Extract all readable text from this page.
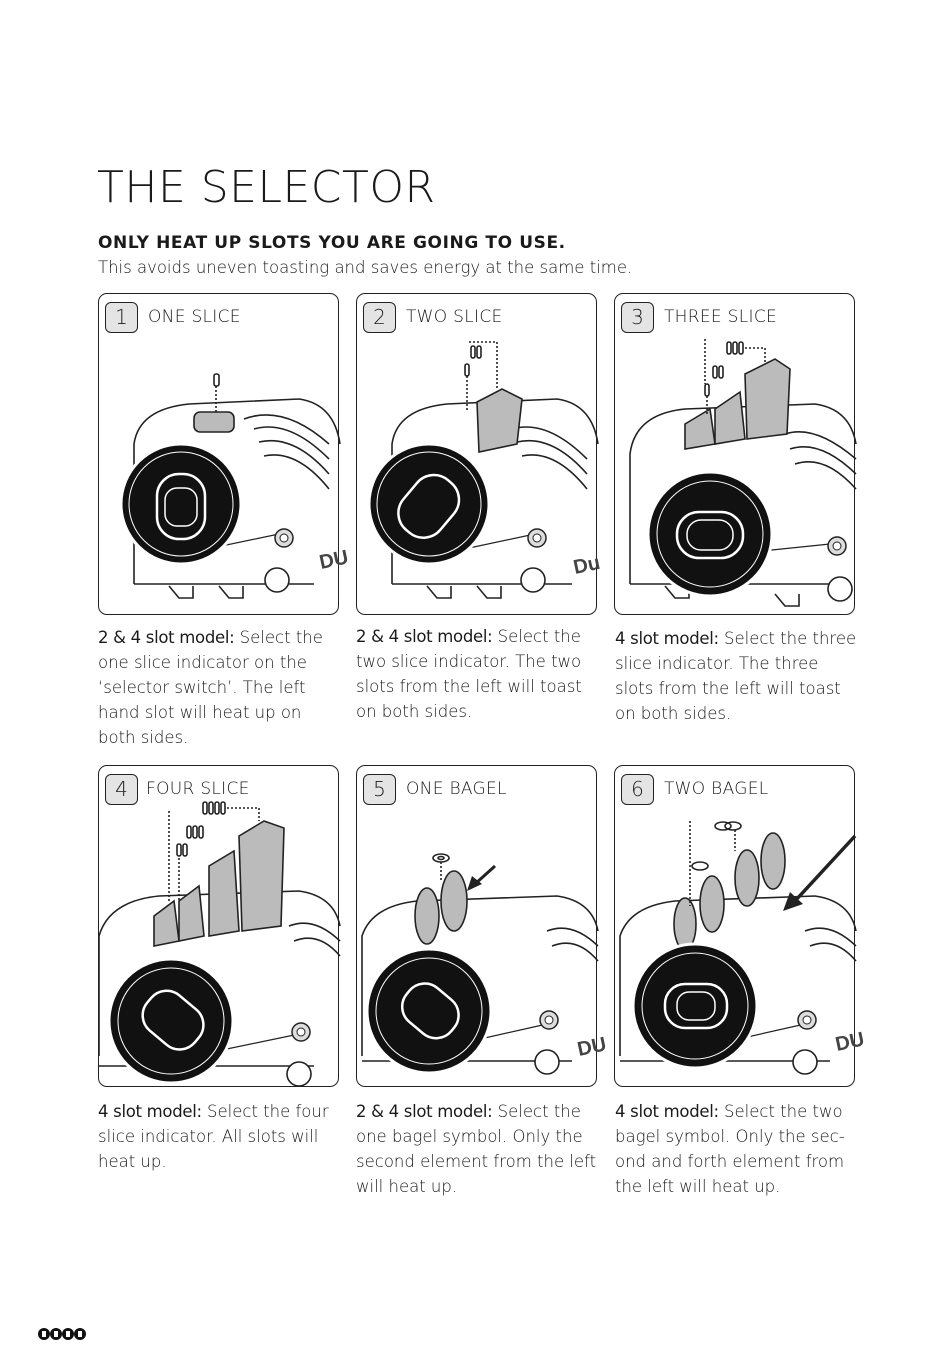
THE SELECTOR

ONLY HEAT UP SLOTS YOU ARE GOING TO USE.

This avoids uneven toasting and saves energy at the same time.

DU
1	ONE SLICE

2 & 4 slot model: Select the one slice indicator on the ‘selector switch’. The left hand slot will heat up on both sides.

Du
2	TWO SLICE

2 & 4 slot model: Select the two slice indicator. The two slots from the left will toast on both sides.

3	THREE SLICE

4 slot model: Select the three slice indicator. The three slots from the left will toast on both sides.

4	FOUR SLICE

4 slot model: Select the four slice indicator. All slots will heat up.

DU
5	ONE BAGEL

2 & 4 slot model: Select the one bagel symbol. Only the second element from the left will heat up.

DU
6	TWO BAGEL

4 slot model: Select the two bagel symbol. Only the sec-ond and forth element from the left will heat up.
